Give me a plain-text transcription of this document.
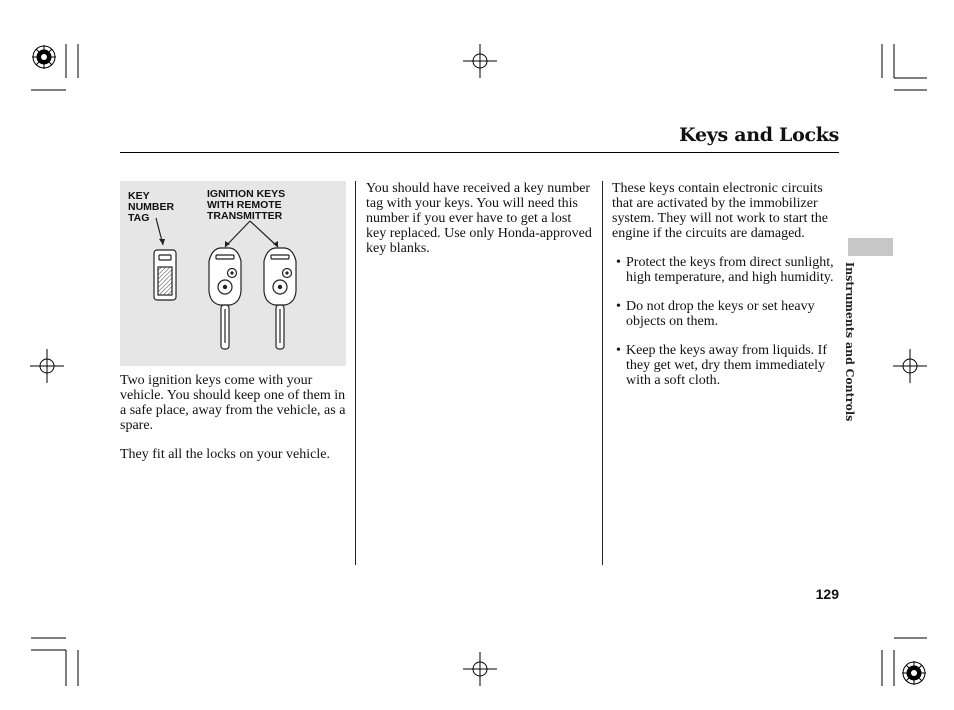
Keys and Locks
KEY
NUMBER
TAG
IGNITION KEYS
WITH REMOTE
TRANSMITTER

Two ignition keys come with your vehicle. You should keep one of them in a safe place, away from the vehicle, as a spare.

They fit all the locks on your vehicle.

You should have received a key number tag with your keys. You will need this number if you ever have to get a lost key replaced. Use only Honda-approved key blanks.

These keys contain electronic circuits that are activated by the immobilizer system. They will not work to start the engine if the circuits are damaged.

• Protect the keys from direct sunlight, high temperature, and high humidity.
• Do not drop the keys or set heavy objects on them.
• Keep the keys away from liquids. If they get wet, dry them immediately with a soft cloth.	Instruments and Controls
129
